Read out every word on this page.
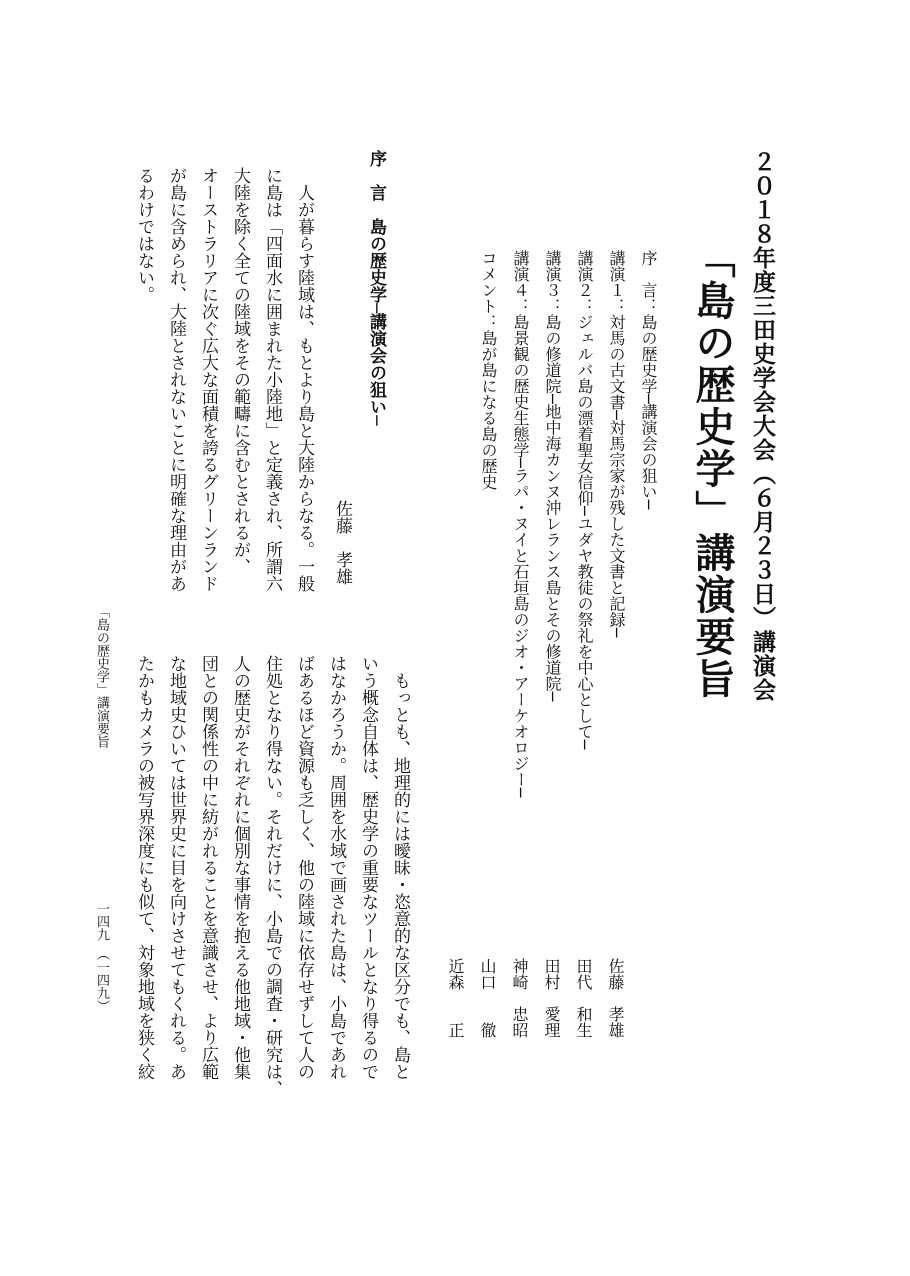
２０１８年度三田史学会大会（６月２３日）講演会
「島の歴史学」講演要旨
序　言：島の歴史学─講演会の狙い─
佐藤　孝雄
講演１：対馬の古文書─対馬宗家が残した文書と記録─
田代　和生
講演２：ジェルバ島の漂着聖女信仰─ユダヤ教徒の祭礼を中心として─
田村　愛理
講演３：島の修道院─地中海カンヌ沖レランス島とその修道院─
神崎　忠昭
講演４：島景観の歴史生態学─ラパ・ヌイと石垣島のジオ・アーケオロジー─
山口　　徹
コメント：島が島になる島の歴史
近森　　正
序　言　島の歴史学─講演会の狙い─
佐藤　孝雄
　人が暮らす陸域は、もとより島と大陸からなる。一般
に島は「四面水に囲まれた小陸地」と定義され、所謂六
大陸を除く全ての陸域をその範疇に含むとされるが、
オーストラリアに次ぐ広大な面積を誇るグリーンランド
が島に含められ、大陸とされないことに明確な理由があ
るわけではない。
　もっとも、地理的には曖昧・恣意的な区分でも、島と
いう概念自体は、歴史学の重要なツールとなり得るので
はなかろうか。周囲を水域で画された島は、小島であれ
ばあるほど資源も乏しく、他の陸域に依存せずして人の
住処となり得ない。それだけに、小島での調査・研究は、
人の歴史がそれぞれに個別な事情を抱える他地域・他集
団との関係性の中に紡がれることを意識させ、より広範
な地域史ひいては世界史に目を向けさせてもくれる。あ
たかもカメラの被写界深度にも似て、対象地域を狭く絞
「島の歴史学」講演要旨
一四九　（一四九）
